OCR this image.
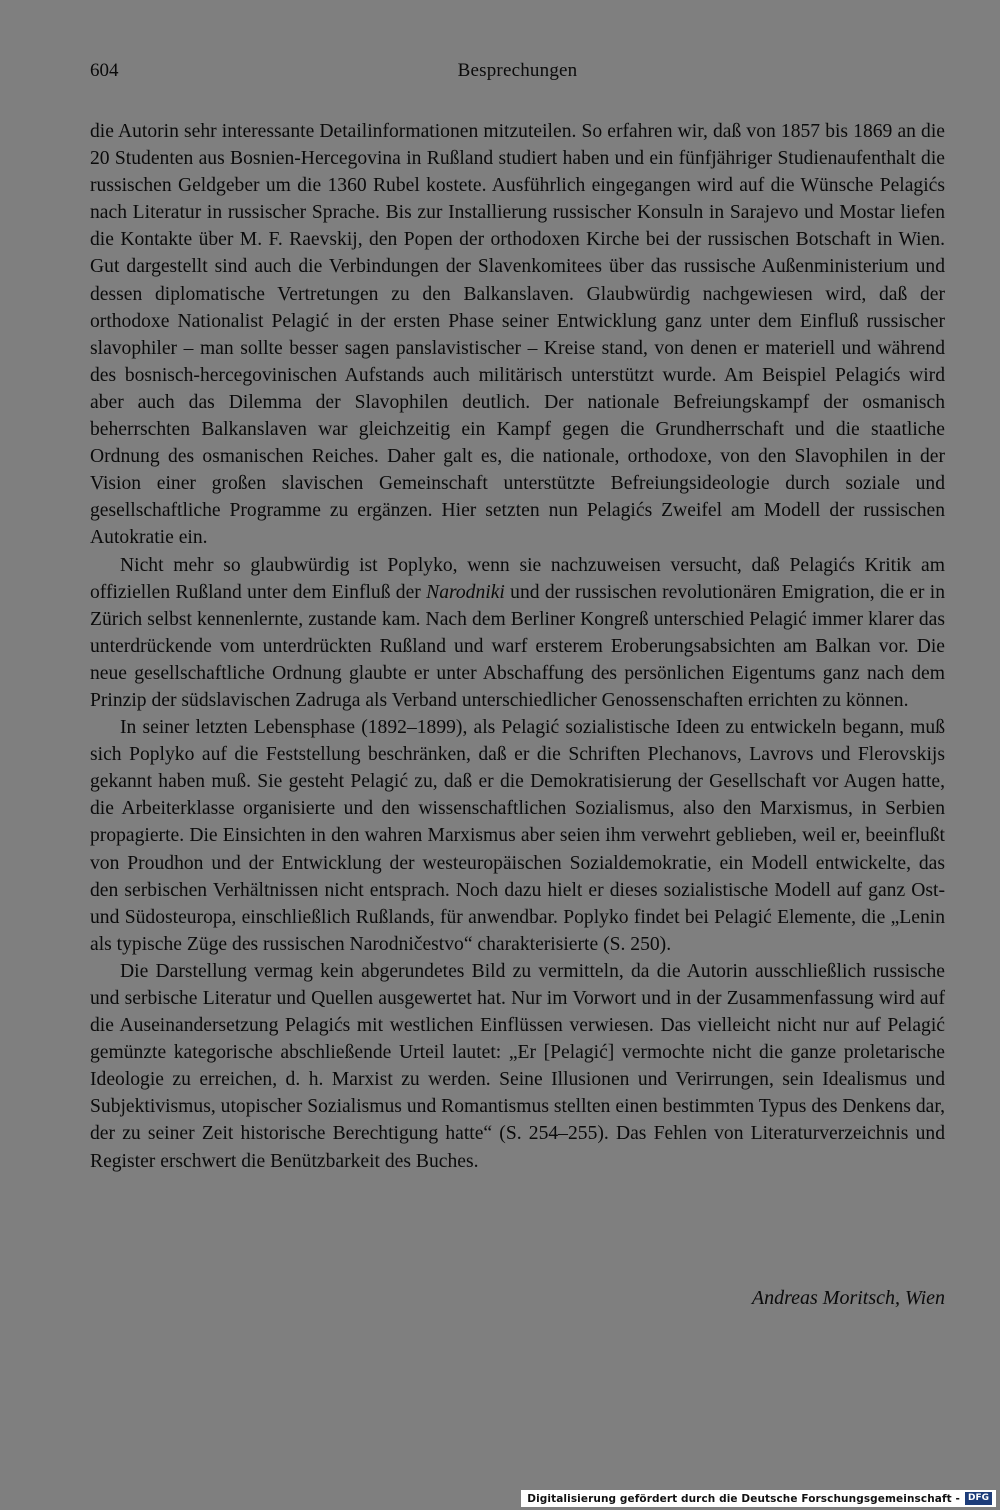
604	Besprechungen

die Autorin sehr interessante Detailinformationen mitzuteilen. So erfahren wir, daß von 1857 bis 1869 an die 20 Studenten aus Bosnien-Hercegovina in Rußland studiert haben und ein fünfjähriger Studienaufenthalt die russischen Geldgeber um die 1360 Rubel kostete. Ausführlich eingegangen wird auf die Wünsche Pelagićs nach Literatur in russischer Sprache. Bis zur Installierung russischer Konsuln in Sarajevo und Mostar liefen die Kontakte über M. F. Raevskij, den Popen der orthodoxen Kirche bei der russischen Botschaft in Wien. Gut dargestellt sind auch die Verbindungen der Slavenkomitees über das russische Außenministerium und dessen diplomatische Vertretungen zu den Balkanslaven. Glaubwürdig nachgewiesen wird, daß der orthodoxe Nationalist Pelagić in der ersten Phase seiner Entwicklung ganz unter dem Einfluß russischer slavophiler – man sollte besser sagen panslavistischer – Kreise stand, von denen er materiell und während des bosnisch-hercegovinischen Aufstands auch militärisch unterstützt wurde. Am Beispiel Pelagićs wird aber auch das Dilemma der Slavophilen deutlich. Der nationale Befreiungskampf der osmanisch beherrschten Balkanslaven war gleichzeitig ein Kampf gegen die Grundherrschaft und die staatliche Ordnung des osmanischen Reiches. Daher galt es, die nationale, orthodoxe, von den Slavophilen in der Vision einer großen slavischen Gemeinschaft unterstützte Befreiungsideologie durch soziale und gesellschaftliche Programme zu ergänzen. Hier setzten nun Pelagićs Zweifel am Modell der russischen Autokratie ein.

Nicht mehr so glaubwürdig ist Poplyko, wenn sie nachzuweisen versucht, daß Pelagićs Kritik am offiziellen Rußland unter dem Einfluß der Narodniki und der russischen revolutionären Emigration, die er in Zürich selbst kennenlernte, zustande kam. Nach dem Berliner Kongreß unterschied Pelagić immer klarer das unterdrückende vom unterdrückten Rußland und warf ersterem Eroberungsabsichten am Balkan vor. Die neue gesellschaftliche Ordnung glaubte er unter Abschaffung des persönlichen Eigentums ganz nach dem Prinzip der südslavischen Zadruga als Verband unterschiedlicher Genossenschaften errichten zu können.

In seiner letzten Lebensphase (1892–1899), als Pelagić sozialistische Ideen zu entwickeln begann, muß sich Poplyko auf die Feststellung beschränken, daß er die Schriften Plechanovs, Lavrovs und Flerovskijs gekannt haben muß. Sie gesteht Pelagić zu, daß er die Demokratisierung der Gesellschaft vor Augen hatte, die Arbeiterklasse organisierte und den wissenschaftlichen Sozialismus, also den Marxismus, in Serbien propagierte. Die Einsichten in den wahren Marxismus aber seien ihm verwehrt geblieben, weil er, beeinflußt von Proudhon und der Entwicklung der westeuropäischen Sozialdemokratie, ein Modell entwickelte, das den serbischen Verhältnissen nicht entsprach. Noch dazu hielt er dieses sozialistische Modell auf ganz Ost- und Südosteuropa, einschließlich Rußlands, für anwendbar. Poplyko findet bei Pelagić Elemente, die „Lenin als typische Züge des russischen Narodničestvo“ charakterisierte (S. 250).

Die Darstellung vermag kein abgerundetes Bild zu vermitteln, da die Autorin ausschließlich russische und serbische Literatur und Quellen ausgewertet hat. Nur im Vorwort und in der Zusammenfassung wird auf die Auseinandersetzung Pelagićs mit westlichen Einflüssen verwiesen. Das vielleicht nicht nur auf Pelagić gemünzte kategorische abschließende Urteil lautet: „Er [Pelagić] vermochte nicht die ganze proletarische Ideologie zu erreichen, d. h. Marxist zu werden. Seine Illusionen und Verirrungen, sein Idealismus und Subjektivismus, utopischer Sozialismus und Romantismus stellten einen bestimmten Typus des Denkens dar, der zu seiner Zeit historische Berechtigung hatte“ (S. 254–255). Das Fehlen von Literaturverzeichnis und Register erschwert die Benützbarkeit des Buches.

Andreas Moritsch, Wien
Digitalisierung gefördert durch die Deutsche Forschungsgemeinschaft - DFG
